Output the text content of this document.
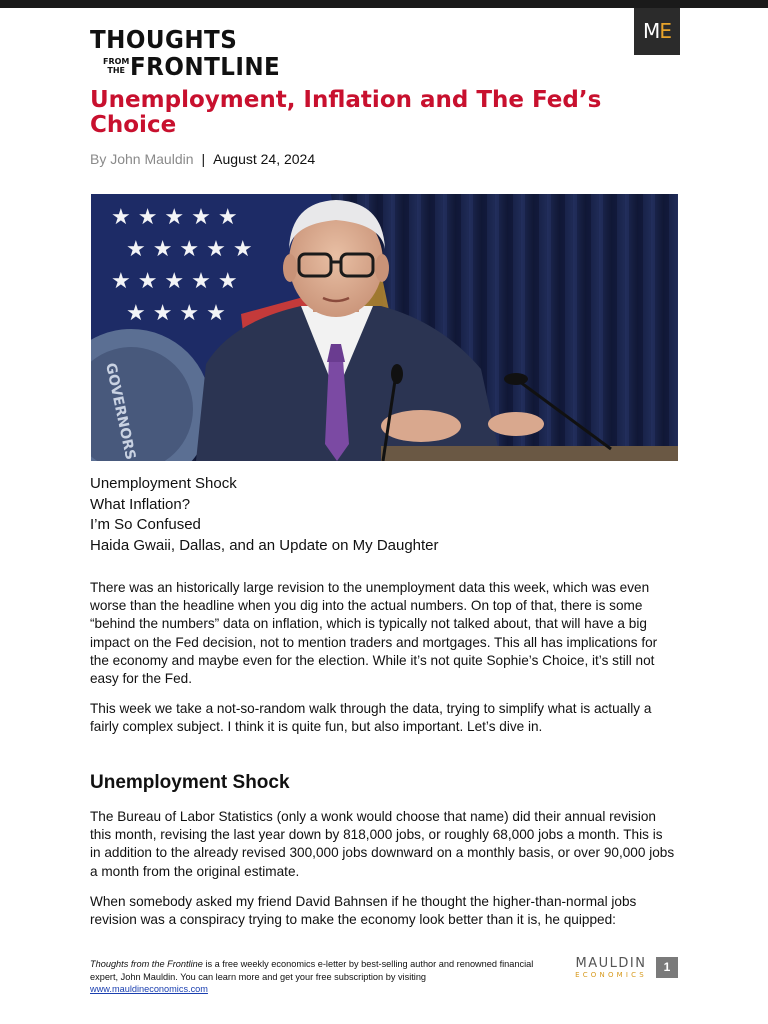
THOUGHTS
FROM
THE FRONTLINE
ME
Unemployment, Inflation and The Fed’s Choice
By John Mauldin | August 24, 2024
★ ★ ★ ★ ★
★ ★ ★ ★ ★
★ ★ ★ ★ ★
★ ★ ★ ★
GOVERNORS
Unemployment Shock
What Inflation?
I’m So Confused
Haida Gwaii, Dallas, and an Update on My Daughter

There was an historically large revision to the unemployment data this week, which was even worse than the headline when you dig into the actual numbers. On top of that, there is some “behind the numbers” data on inflation, which is typically not talked about, that will have a big impact on the Fed decision, not to mention traders and mortgages. This all has implications for the economy and maybe even for the election. While it’s not quite Sophie’s Choice, it’s still not easy for the Fed.

This week we take a not-so-random walk through the data, trying to simplify what is actually a fairly complex subject. I think it is quite fun, but also important. Let’s dive in.

Unemployment Shock

The Bureau of Labor Statistics (only a wonk would choose that name) did their annual revision this month, revising the last year down by 818,000 jobs, or roughly 68,000 jobs a month. This is in addition to the already revised 300,000 jobs downward on a monthly basis, or over 90,000 jobs a month from the original estimate.

When somebody asked my friend David Bahnsen if he thought the higher-than-normal jobs revision was a conspiracy trying to make the economy look better than it is, he quipped:

Thoughts from the Frontline is a free weekly economics e-letter by best-selling author and renowned financial expert, John Mauldin. You can learn more and get your free subscription by visiting www.mauldineconomics.com
MAULDIN
ECONOMICS
1
